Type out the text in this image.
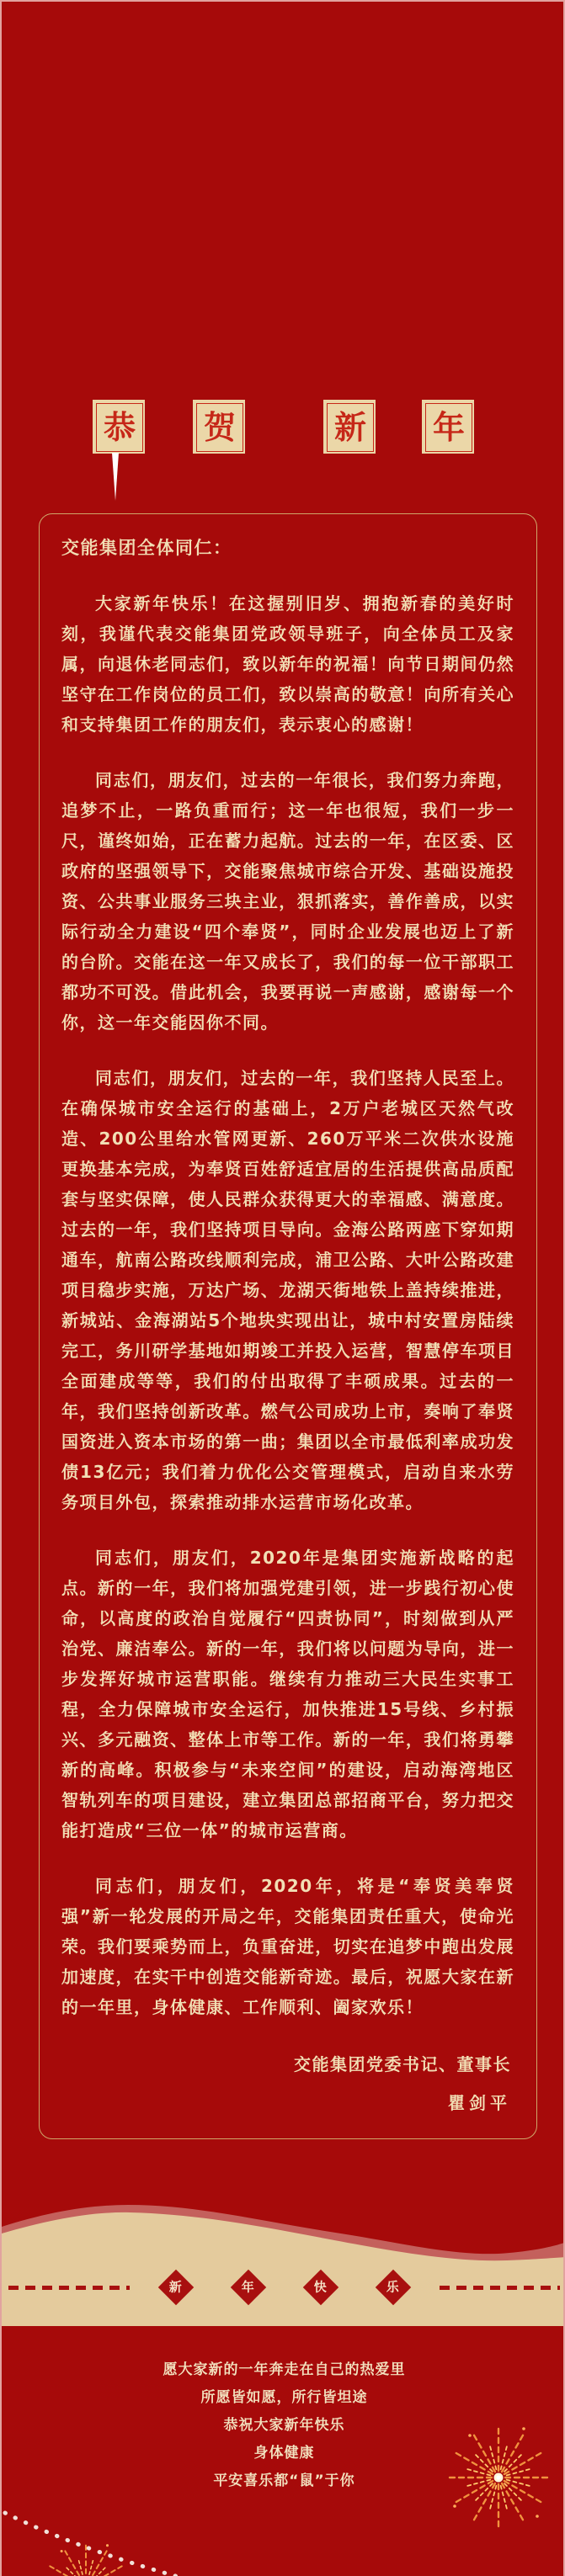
恭 贺	新 年
交能集团全体同仁：

大家新年快乐！在这握别旧岁、拥抱新春的美好时刻，我谨代表交能集团党政领导班子，向全体员工及家属，向退休老同志们，致以新年的祝福！向节日期间仍然坚守在工作岗位的员工们，致以崇高的敬意！向所有关心和支持集团工作的朋友们，表示衷心的感谢！

同志们，朋友们，过去的一年很长，我们努力奔跑，追梦不止，一路负重而行；这一年也很短，我们一步一尺，谨终如始，正在蓄力起航。过去的一年，在区委、区政府的坚强领导下，交能聚焦城市综合开发、基础设施投资、公共事业服务三块主业，狠抓落实，善作善成，以实际行动全力建设“四个奉贤”，同时企业发展也迈上了新的台阶。交能在这一年又成长了，我们的每一位干部职工都功不可没。借此机会，我要再说一声感谢，感谢每一个你，这一年交能因你不同。

同志们，朋友们，过去的一年，我们坚持人民至上。在确保城市安全运行的基础上，2万户老城区天然气改造、200公里给水管网更新、260万平米二次供水设施更换基本完成，为奉贤百姓舒适宜居的生活提供高品质配套与坚实保障，使人民群众获得更大的幸福感、满意度。过去的一年，我们坚持项目导向。金海公路两座下穿如期通车，航南公路改线顺利完成，浦卫公路、大叶公路改建项目稳步实施，万达广场、龙湖天街地铁上盖持续推进，新城站、金海湖站5个地块实现出让，城中村安置房陆续完工，务川研学基地如期竣工并投入运营，智慧停车项目全面建成等等，我们的付出取得了丰硕成果。过去的一年，我们坚持创新改革。燃气公司成功上市，奏响了奉贤国资进入资本市场的第一曲；集团以全市最低利率成功发债13亿元；我们着力优化公交管理模式，启动自来水劳务项目外包，探索推动排水运营市场化改革。

同志们，朋友们，2020年是集团实施新战略的起点。新的一年，我们将加强党建引领，进一步践行初心使命，以高度的政治自觉履行“四责协同”，时刻做到从严治党、廉洁奉公。新的一年，我们将以问题为导向，进一步发挥好城市运营职能。继续有力推动三大民生实事工程，全力保障城市安全运行，加快推进15号线、乡村振兴、多元融资、整体上市等工作。新的一年，我们将勇攀新的高峰。积极参与“未来空间”的建设，启动海湾地区智轨列车的项目建设，建立集团总部招商平台，努力把交能打造成“三位一体”的城市运营商。

同志们，朋友们，2020年，将是“奉贤美奉贤强”新一轮发展的开局之年，交能集团责任重大，使命光荣。我们要乘势而上，负重奋进，切实在追梦中跑出发展加速度，在实干中创造交能新奇迹。最后，祝愿大家在新的一年里，身体健康、工作顺利、阖家欢乐！

交能集团党委书记、董事长
瞿剑平
新	年	快	乐
愿大家新的一年奔走在自己的热爱里
所愿皆如愿，所行皆坦途
恭祝大家新年快乐
身体健康
平安喜乐都“鼠”于你
